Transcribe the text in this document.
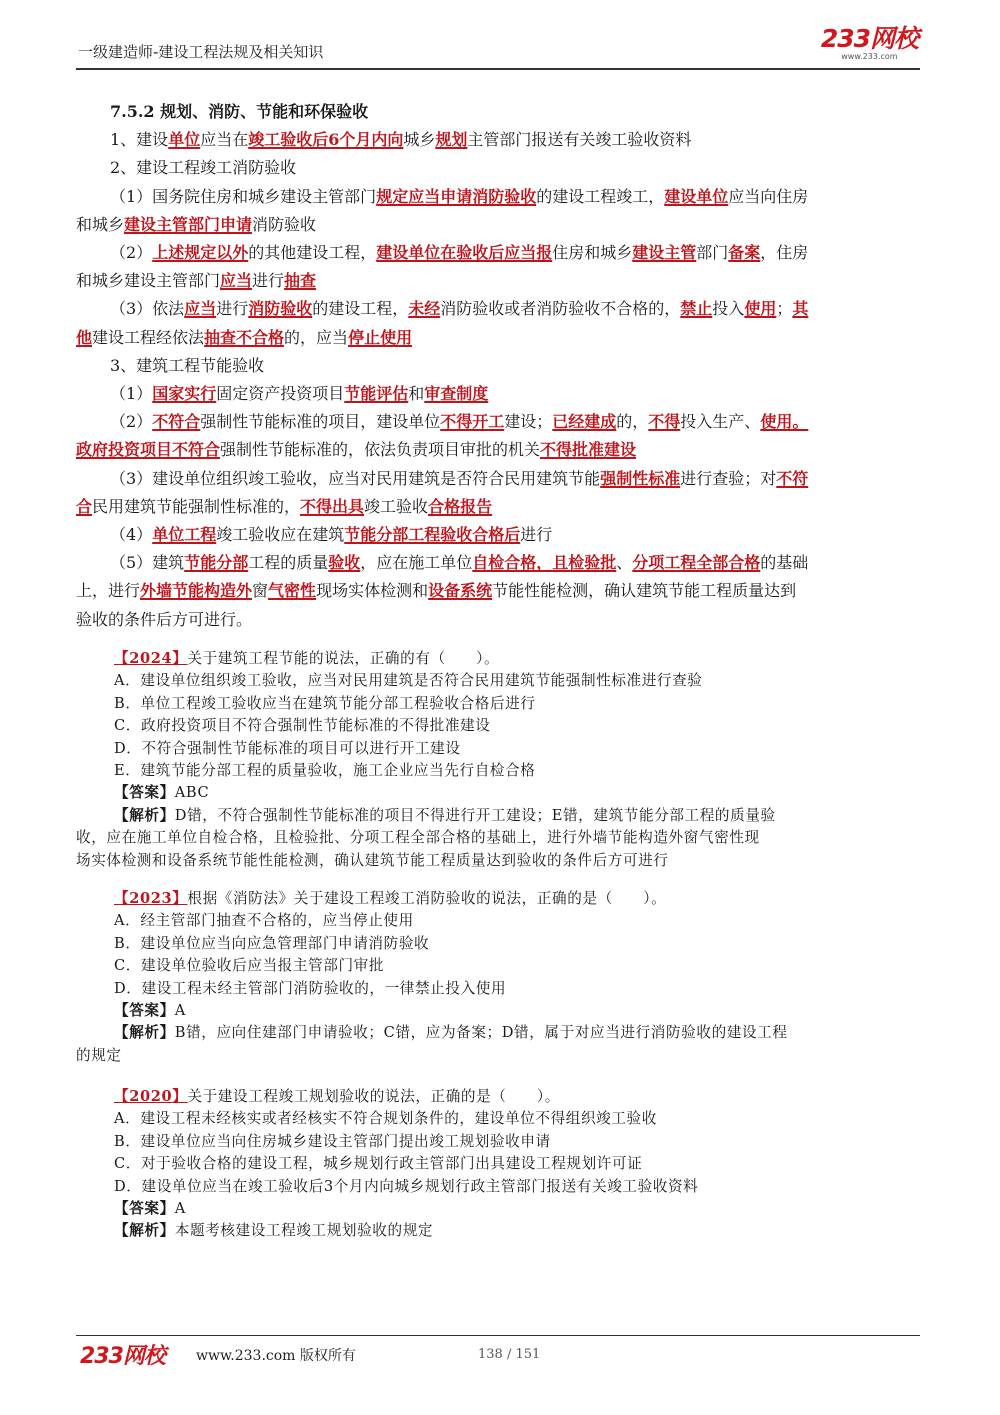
一级建造师-建设工程法规及相关知识	233网校
www.233.com
7.5.2 规划、消防、节能和环保验收
1、建设单位应当在竣工验收后6个月内向城乡规划主管部门报送有关竣工验收资料
2、建设工程竣工消防验收
（1）国务院住房和城乡建设主管部门规定应当申请消防验收的建设工程竣工，建设单位应当向住房
和城乡建设主管部门申请消防验收
（2）上述规定以外的其他建设工程，建设单位在验收后应当报住房和城乡建设主管部门备案，住房
和城乡建设主管部门应当进行抽查
（3）依法应当进行消防验收的建设工程，未经消防验收或者消防验收不合格的，禁止投入使用；其
他建设工程经依法抽查不合格的，应当停止使用
3、建筑工程节能验收
（1）国家实行固定资产投资项目节能评估和审查制度
（2）不符合强制性节能标准的项目，建设单位不得开工建设；已经建成的，不得投入生产、使用。
政府投资项目不符合强制性节能标准的，依法负责项目审批的机关不得批准建设
（3）建设单位组织竣工验收，应当对民用建筑是否符合民用建筑节能强制性标准进行查验；对不符
合民用建筑节能强制性标准的，不得出具竣工验收合格报告
（4）单位工程竣工验收应在建筑节能分部工程验收合格后进行
（5）建筑节能分部工程的质量验收，应在施工单位自检合格，且检验批、分项工程全部合格的基础
上，进行外墙节能构造外窗气密性现场实体检测和设备系统节能性能检测，确认建筑节能工程质量达到
验收的条件后方可进行。
【2024】关于建筑工程节能的说法，正确的有（　　）。
A．建设单位组织竣工验收，应当对民用建筑是否符合民用建筑节能强制性标准进行查验
B．单位工程竣工验收应当在建筑节能分部工程验收合格后进行
C．政府投资项目不符合强制性节能标准的不得批准建设
D．不符合强制性节能标准的项目可以进行开工建设
E．建筑节能分部工程的质量验收，施工企业应当先行自检合格
【答案】ABC
【解析】D错，不符合强制性节能标准的项目不得进行开工建设；E错，建筑节能分部工程的质量验
收，应在施工单位自检合格，且检验批、分项工程全部合格的基础上，进行外墙节能构造外窗气密性现
场实体检测和设备系统节能性能检测，确认建筑节能工程质量达到验收的条件后方可进行
【2023】根据《消防法》关于建设工程竣工消防验收的说法，正确的是（　　）。
A．经主管部门抽查不合格的，应当停止使用
B．建设单位应当向应急管理部门申请消防验收
C．建设单位验收后应当报主管部门审批
D．建设工程未经主管部门消防验收的，一律禁止投入使用
【答案】A
【解析】B错，应向住建部门申请验收；C错，应为备案；D错，属于对应当进行消防验收的建设工程
的规定
【2020】关于建设工程竣工规划验收的说法，正确的是（　　）。
A．建设工程未经核实或者经核实不符合规划条件的，建设单位不得组织竣工验收
B．建设单位应当向住房城乡建设主管部门提出竣工规划验收申请
C．对于验收合格的建设工程，城乡规划行政主管部门出具建设工程规划许可证
D．建设单位应当在竣工验收后3个月内向城乡规划行政主管部门报送有关竣工验收资料
【答案】A
【解析】本题考核建设工程竣工规划验收的规定
233网校 www.233.com 版权所有	138 / 151
